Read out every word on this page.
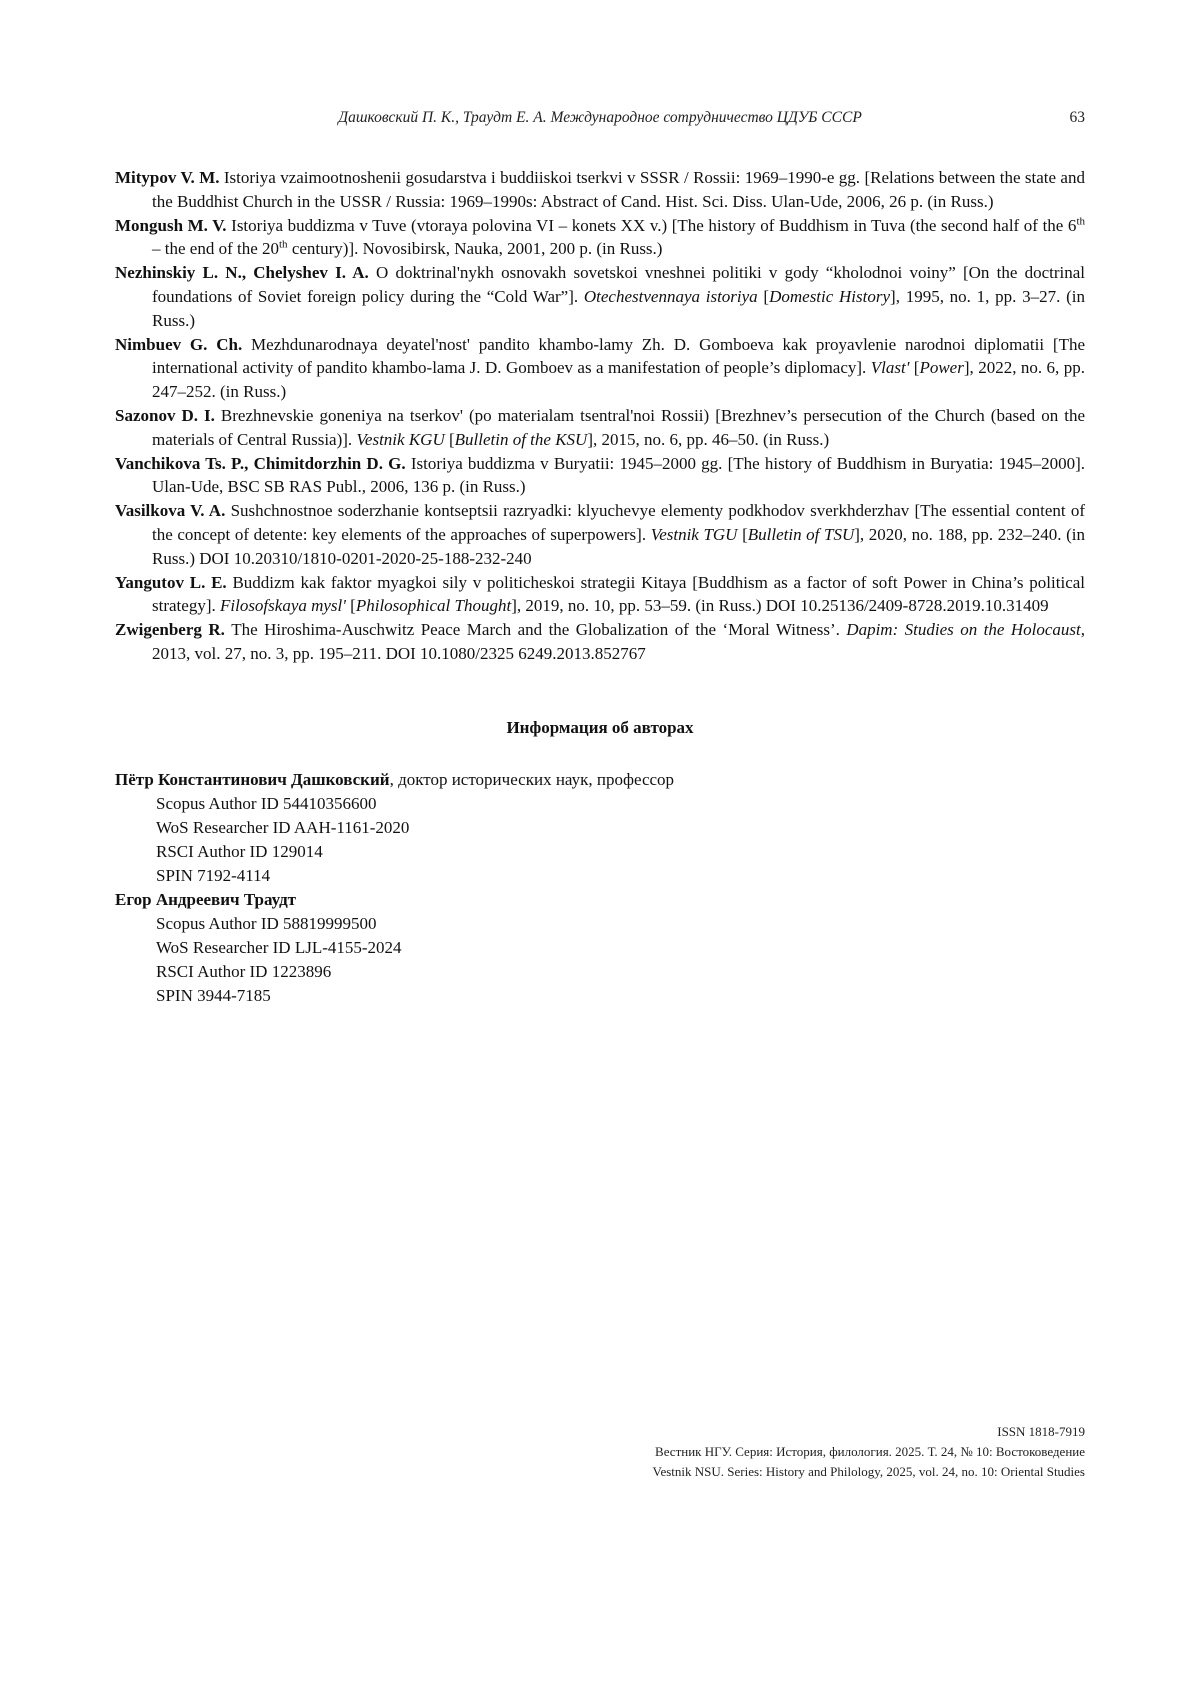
Дашковский П. К., Траудт Е. А. Международное сотрудничество ЦДУБ СССР	63

Mitypov V. M. Istoriya vzaimootnoshenii gosudarstva i buddiiskoi tserkvi v SSSR / Rossii: 1969–1990-e gg. [Relations between the state and the Buddhist Church in the USSR / Russia: 1969–1990s: Abstract of Cand. Hist. Sci. Diss. Ulan-Ude, 2006, 26 p. (in Russ.)

Mongush M. V. Istoriya buddizma v Tuve (vtoraya polovina VI – konets XX v.) [The history of Buddhism in Tuva (the second half of the 6th – the end of the 20th century)]. Novosibirsk, Nauka, 2001, 200 p. (in Russ.)

Nezhinskiy L. N., Chelyshev I. A. O doktrinal'nykh osnovakh sovetskoi vneshnei politiki v gody “kholodnoi voiny” [On the doctrinal foundations of Soviet foreign policy during the “Cold War”]. Otechestvennaya istoriya [Domestic History], 1995, no. 1, pp. 3–27. (in Russ.)

Nimbuev G. Ch. Mezhdunarodnaya deyatel'nost' pandito khambo-lamy Zh. D. Gomboeva kak proyavlenie narodnoi diplomatii [The international activity of pandito khambo-lama J. D. Gomboev as a manifestation of people’s diplomacy]. Vlast' [Power], 2022, no. 6, pp. 247–252. (in Russ.)

Sazonov D. I. Brezhnevskie goneniya na tserkov' (po materialam tsentral'noi Rossii) [Brezhnev’s persecution of the Church (based on the materials of Central Russia)]. Vestnik KGU [Bulletin of the KSU], 2015, no. 6, pp. 46–50. (in Russ.)

Vanchikova Ts. P., Chimitdorzhin D. G. Istoriya buddizma v Buryatii: 1945–2000 gg. [The history of Buddhism in Buryatia: 1945–2000]. Ulan-Ude, BSC SB RAS Publ., 2006, 136 p. (in Russ.)

Vasilkova V. A. Sushchnostnoe soderzhanie kontseptsii razryadki: klyuchevye elementy podkhodov sverkhderzhav [The essential content of the concept of detente: key elements of the approaches of superpowers]. Vestnik TGU [Bulletin of TSU], 2020, no. 188, pp. 232–240. (in Russ.) DOI 10.20310/1810-0201-2020-25-188-232-240

Yangutov L. E. Buddizm kak faktor myagkoi sily v politicheskoi strategii Kitaya [Buddhism as a factor of soft Power in China’s political strategy]. Filosofskaya mysl' [Philosophical Thought], 2019, no. 10, pp. 53–59. (in Russ.) DOI 10.25136/2409-8728.2019.10.31409

Zwigenberg R. The Hiroshima-Auschwitz Peace March and the Globalization of the ‘Moral Witness’. Dapim: Studies on the Holocaust, 2013, vol. 27, no. 3, pp. 195–211. DOI 10.1080/2325 6249.2013.852767

Информация об авторах

Пётр Константинович Дашковский, доктор исторических наук, профессор

Scopus Author ID 54410356600

WoS Researcher ID AAH-1161-2020

RSCI Author ID 129014

SPIN 7192-4114

Егор Андреевич Траудт

Scopus Author ID 58819999500

WoS Researcher ID LJL-4155-2024

RSCI Author ID 1223896

SPIN 3944-7185

ISSN 1818-7919

Вестник НГУ. Серия: История, филология. 2025. Т. 24, № 10: Востоковедение

Vestnik NSU. Series: History and Philology, 2025, vol. 24, no. 10: Oriental Studies
